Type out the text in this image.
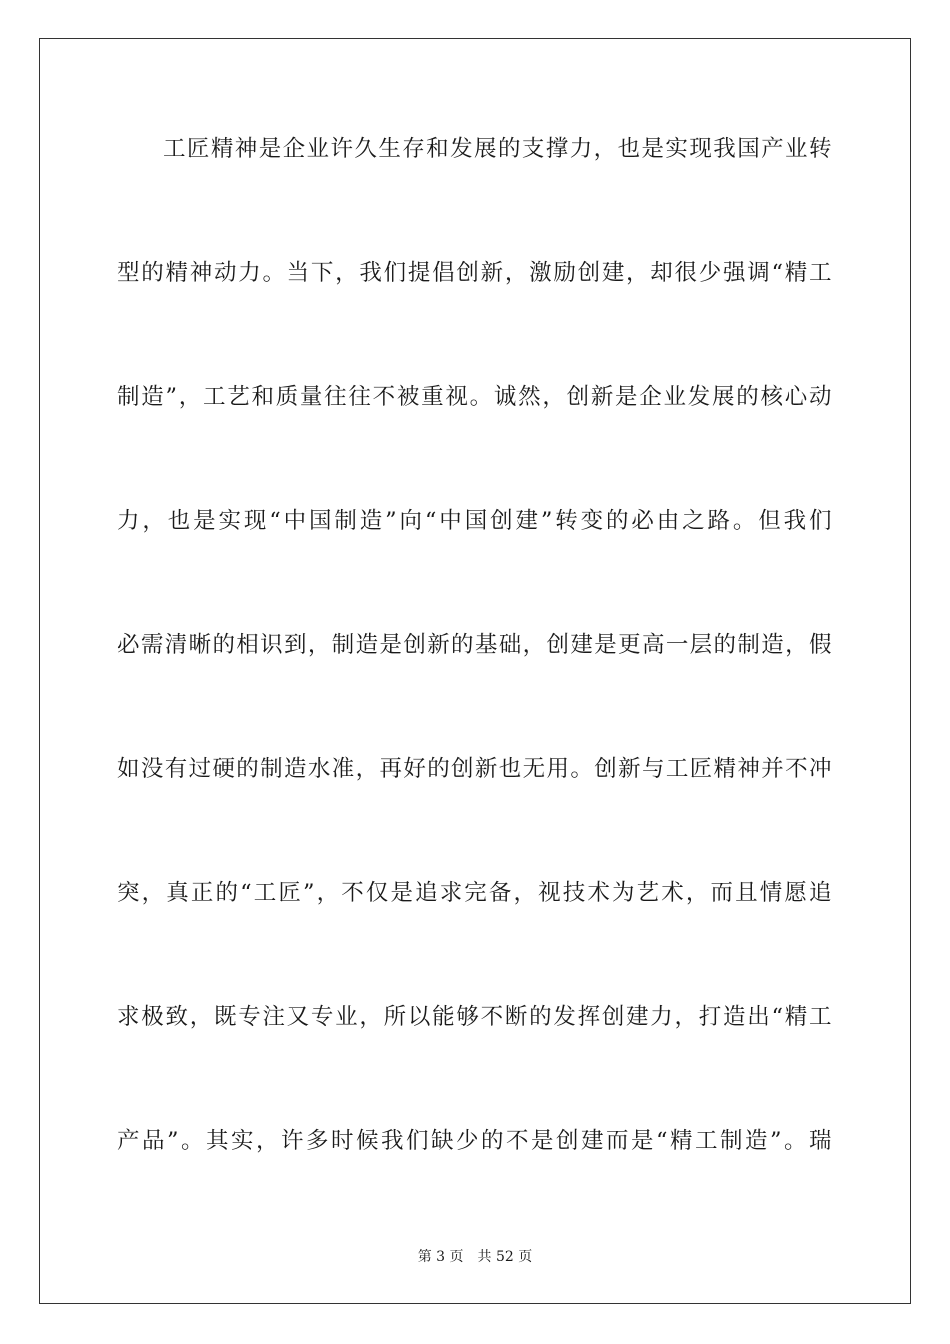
工匠精神是企业许久生存和发展的支撑力，也是实现我国产业转
型的精神动力。当下，我们提倡创新，激励创建，却很少强调“精工
制造”，工艺和质量往往不被重视。诚然，创新是企业发展的核心动
力，也是实现“中国制造”向“中国创建”转变的必由之路。但我们
必需清晰的相识到，制造是创新的基础，创建是更高一层的制造，假
如没有过硬的制造水准，再好的创新也无用。创新与工匠精神并不冲
突，真正的“工匠”，不仅是追求完备，视技术为艺术，而且情愿追
求极致，既专注又专业，所以能够不断的发挥创建力，打造出“精工
产品”。其实，许多时候我们缺少的不是创建而是“精工制造”。瑞
第 3 页 共 52 页
